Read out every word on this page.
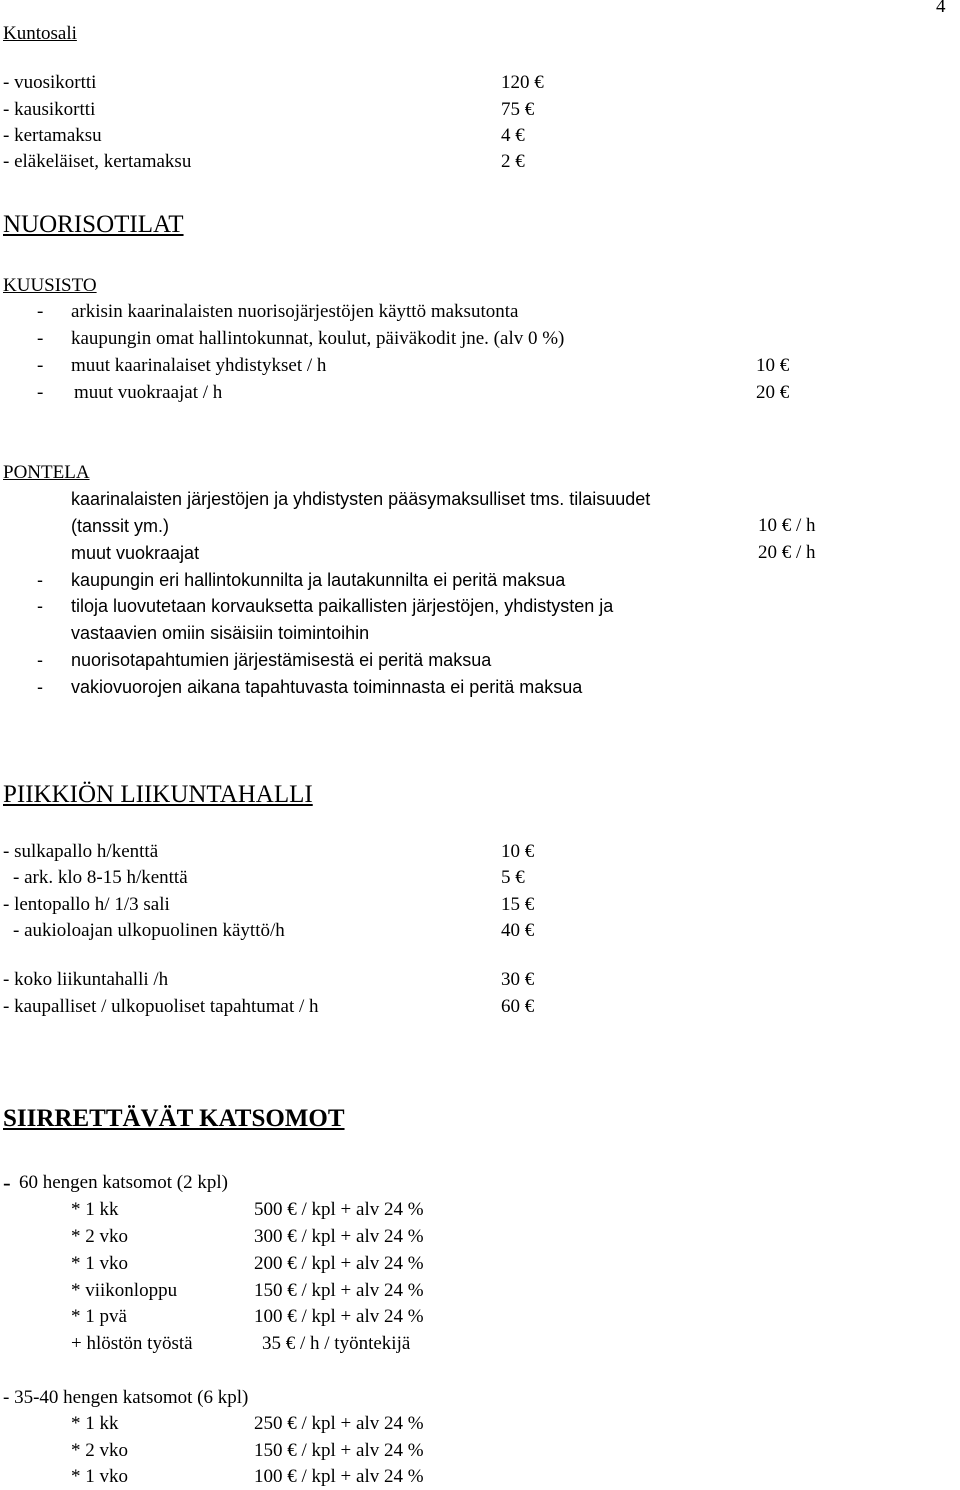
4
Kuntosali
- vuosikortti	120 €
- kausikortti	75 €
- kertamaksu	4 €
- eläkeläiset, kertamaksu	2 €
NUORISOTILAT
KUUSISTO
- arkisin kaarinalaisten nuorisojärjestöjen käyttö maksutonta
- kaupungin omat hallintokunnat, koulut, päiväkodit jne. (alv 0 %)
- muut kaarinalaiset yhdistykset / h	10 €
- muut vuokraajat / h	20 €
PONTELA
kaarinalaisten järjestöjen ja yhdistysten pääsymaksulliset tms. tilaisuudet
(tanssit ym.)	10 € / h
muut vuokraajat	20 € / h
- kaupungin eri hallintokunnilta ja lautakunnilta ei peritä maksua
- tiloja luovutetaan korvauksetta paikallisten järjestöjen, yhdistysten ja
vastaavien omiin sisäisiin toimintoihin
- nuorisotapahtumien järjestämisestä ei peritä maksua
- vakiovuorojen aikana tapahtuvasta toiminnasta ei peritä maksua
PIIKKIÖN LIIKUNTAHALLI
- sulkapallo h/kenttä	10 €
- ark. klo 8-15 h/kenttä	5 €
- lentopallo h/ 1/3 sali	15 €
- aukioloajan ulkopuolinen käyttö/h	40 €
- koko liikuntahalli /h	30 €
- kaupalliset / ulkopuoliset tapahtumat / h	60 €
SIIRRETTÄVÄT KATSOMOT
- 60 hengen katsomot (2 kpl)
* 1 kk	500 € / kpl + alv 24 %
* 2 vko	300 € / kpl + alv 24 %
* 1 vko	200 € / kpl + alv 24 %
* viikonloppu	150 € / kpl + alv 24 %
* 1 pvä	100 € / kpl + alv 24 %
+ hlöstön työstä	35 € / h / työntekijä
- 35-40 hengen katsomot (6 kpl)
* 1 kk	250 € / kpl + alv 24 %
* 2 vko	150 € / kpl + alv 24 %
* 1 vko	100 € / kpl + alv 24 %
